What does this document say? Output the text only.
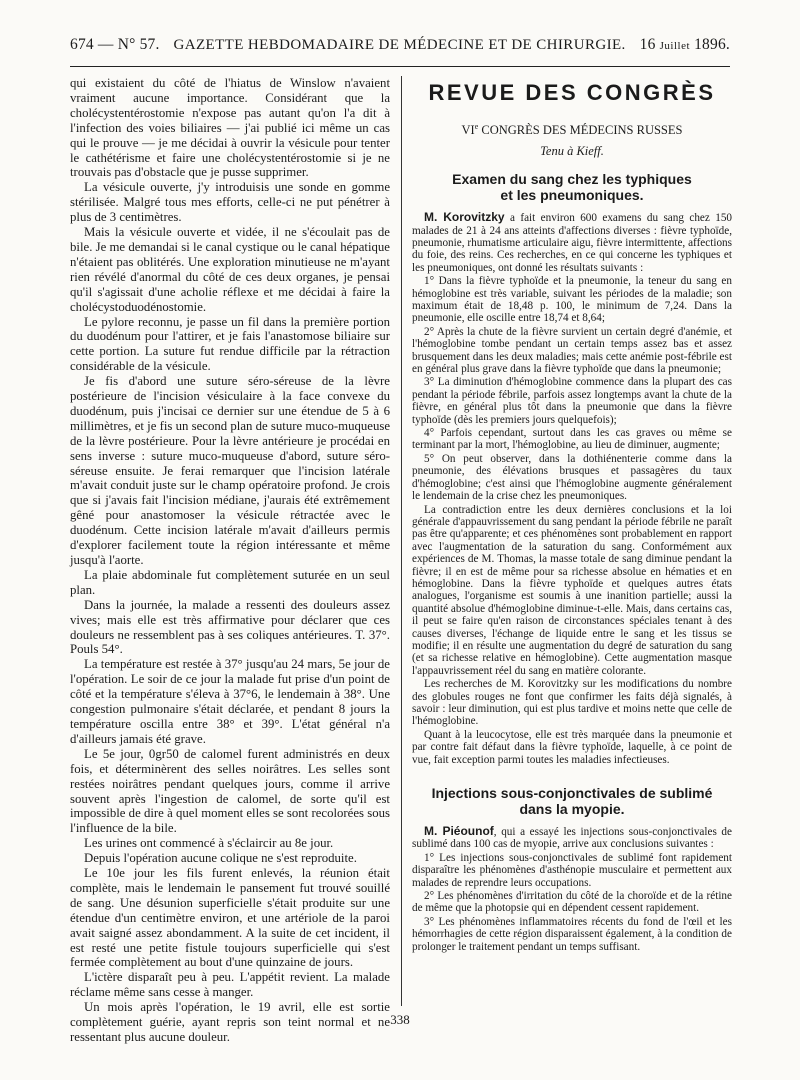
674 — N° 57. GAZETTE HEBDOMADAIRE DE MÉDECINE ET DE CHIRURGIE. 16 Juillet 1896.

qui existaient du côté de l'hiatus de Winslow n'avaient vraiment aucune importance. Considérant que la cholécystentérostomie n'expose pas autant qu'on l'a dit à l'infection des voies biliaires — j'ai publié ici même un cas qui le prouve — je me décidai à ouvrir la vésicule pour tenter le cathétérisme et faire une cholécystentérostomie si je ne trouvais pas d'obstacle que je pusse supprimer.

La vésicule ouverte, j'y introduisis une sonde en gomme stérilisée. Malgré tous mes efforts, celle-ci ne put pénétrer à plus de 3 centimètres.

Mais la vésicule ouverte et vidée, il ne s'écoulait pas de bile. Je me demandai si le canal cystique ou le canal hépatique n'étaient pas oblitérés. Une exploration minutieuse ne m'ayant rien révélé d'anormal du côté de ces deux organes, je pensai qu'il s'agissait d'une acholie réflexe et me décidai à faire la cholécystoduodénostomie.

Le pylore reconnu, je passe un fil dans la première portion du duodénum pour l'attirer, et je fais l'anastomose biliaire sur cette portion. La suture fut rendue difficile par la rétraction considérable de la vésicule.

Je fis d'abord une suture séro-séreuse de la lèvre postérieure de l'incision vésiculaire à la face convexe du duodénum, puis j'incisai ce dernier sur une étendue de 5 à 6 millimètres, et je fis un second plan de suture muco-muqueuse de la lèvre postérieure. Pour la lèvre antérieure je procédai en sens inverse : suture muco-muqueuse d'abord, suture séro-séreuse ensuite. Je ferai remarquer que l'incision latérale m'avait conduit juste sur le champ opératoire profond. Je crois que si j'avais fait l'incision médiane, j'aurais été extrêmement gêné pour anastomoser la vésicule rétractée avec le duodénum. Cette incision latérale m'avait d'ailleurs permis d'explorer facilement toute la région intéressante et même jusqu'à l'aorte.

La plaie abdominale fut complètement suturée en un seul plan.

Dans la journée, la malade a ressenti des douleurs assez vives; mais elle est très affirmative pour déclarer que ces douleurs ne ressemblent pas à ses coliques antérieures. T. 37°. Pouls 54°.

La température est restée à 37° jusqu'au 24 mars, 5e jour de l'opération. Le soir de ce jour la malade fut prise d'un point de côté et la température s'éleva à 37°6, le lendemain à 38°. Une congestion pulmonaire s'était déclarée, et pendant 8 jours la température oscilla entre 38° et 39°. L'état général n'a d'ailleurs jamais été grave.

Le 5e jour, 0gr50 de calomel furent administrés en deux fois, et déterminèrent des selles noirâtres. Les selles sont restées noirâtres pendant quelques jours, comme il arrive souvent après l'ingestion de calomel, de sorte qu'il est impossible de dire à quel moment elles se sont recolorées sous l'influence de la bile.

Les urines ont commencé à s'éclaircir au 8e jour.

Depuis l'opération aucune colique ne s'est reproduite.

Le 10e jour les fils furent enlevés, la réunion était complète, mais le lendemain le pansement fut trouvé souillé de sang. Une désunion superficielle s'était produite sur une étendue d'un centimètre environ, et une artériole de la paroi avait saigné assez abondamment. A la suite de cet incident, il est resté une petite fistule toujours superficielle qui s'est fermée complètement au bout d'une quinzaine de jours.

L'ictère disparaît peu à peu. L'appétit revient. La malade réclame même sans cesse à manger.

Un mois après l'opération, le 19 avril, elle est sortie complètement guérie, ayant repris son teint normal et ne ressentant plus aucune douleur.

REVUE DES CONGRÈS
VIe CONGRÈS DES MÉDECINS RUSSES
Tenu à Kieff.
Examen du sang chez les typhiques
et les pneumoniques.

M. Korovitzky a fait environ 600 examens du sang chez 150 malades de 21 à 24 ans atteints d'affections diverses : fièvre typhoïde, pneumonie, rhumatisme articulaire aigu, fièvre intermittente, affections du foie, des reins. Ces recherches, en ce qui concerne les typhiques et les pneumoniques, ont donné les résultats suivants :

1° Dans la fièvre typhoïde et la pneumonie, la teneur du sang en hémoglobine est très variable, suivant les périodes de la maladie; son maximum était de 18,48 p. 100, le minimum de 7,24. Dans la pneumonie, elle oscille entre 18,74 et 8,64;

2° Après la chute de la fièvre survient un certain degré d'anémie, et l'hémoglobine tombe pendant un certain temps assez bas et assez brusquement dans les deux maladies; mais cette anémie post-fébrile est en général plus grave dans la fièvre typhoïde que dans la pneumonie;

3° La diminution d'hémoglobine commence dans la plupart des cas pendant la période fébrile, parfois assez longtemps avant la chute de la fièvre, en général plus tôt dans la pneumonie que dans la fièvre typhoïde (dès les premiers jours quelquefois);

4° Parfois cependant, surtout dans les cas graves ou même se terminant par la mort, l'hémoglobine, au lieu de diminuer, augmente;

5° On peut observer, dans la dothiénenterie comme dans la pneumonie, des élévations brusques et passagères du taux d'hémoglobine; c'est ainsi que l'hémoglobine augmente généralement le lendemain de la crise chez les pneumoniques.

La contradiction entre les deux dernières conclusions et la loi générale d'appauvrissement du sang pendant la période fébrile ne paraît pas être qu'apparente; et ces phénomènes sont probablement en rapport avec l'augmentation de la saturation du sang. Conformément aux expériences de M. Thomas, la masse totale de sang diminue pendant la fièvre; il en est de même pour sa richesse absolue en hématies et en hémoglobine. Dans la fièvre typhoïde et quelques autres états analogues, l'organisme est soumis à une inanition partielle; aussi la quantité absolue d'hémoglobine diminue-t-elle. Mais, dans certains cas, il peut se faire qu'en raison de circonstances spéciales tenant à des causes diverses, l'échange de liquide entre le sang et les tissus se modifie; il en résulte une augmentation du degré de saturation du sang (et sa richesse relative en hémoglobine). Cette augmentation masque l'appauvrissement réel du sang en matière colorante.

Les recherches de M. Korovitzky sur les modifications du nombre des globules rouges ne font que confirmer les faits déjà signalés, à savoir : leur diminution, qui est plus tardive et moins nette que celle de l'hémoglobine.

Quant à la leucocytose, elle est très marquée dans la pneumonie et par contre fait défaut dans la fièvre typhoïde, laquelle, à ce point de vue, fait exception parmi toutes les maladies infectieuses.

Injections sous-conjonctivales de sublimé
dans la myopie.

M. Piéounof, qui a essayé les injections sous-conjonctivales de sublimé dans 100 cas de myopie, arrive aux conclusions suivantes :

1° Les injections sous-conjonctivales de sublimé font rapidement disparaître les phénomènes d'asthénopie musculaire et permettent aux malades de reprendre leurs occupations.

2° Les phénomènes d'irritation du côté de la choroïde et de la rétine de même que la photopsie qui en dépendent cessent rapidement.

3° Les phénomènes inflammatoires récents du fond de l'œil et les hémorrhagies de cette région disparaissent également, à la condition de prolonger le traitement pendant un temps suffisant.

338
